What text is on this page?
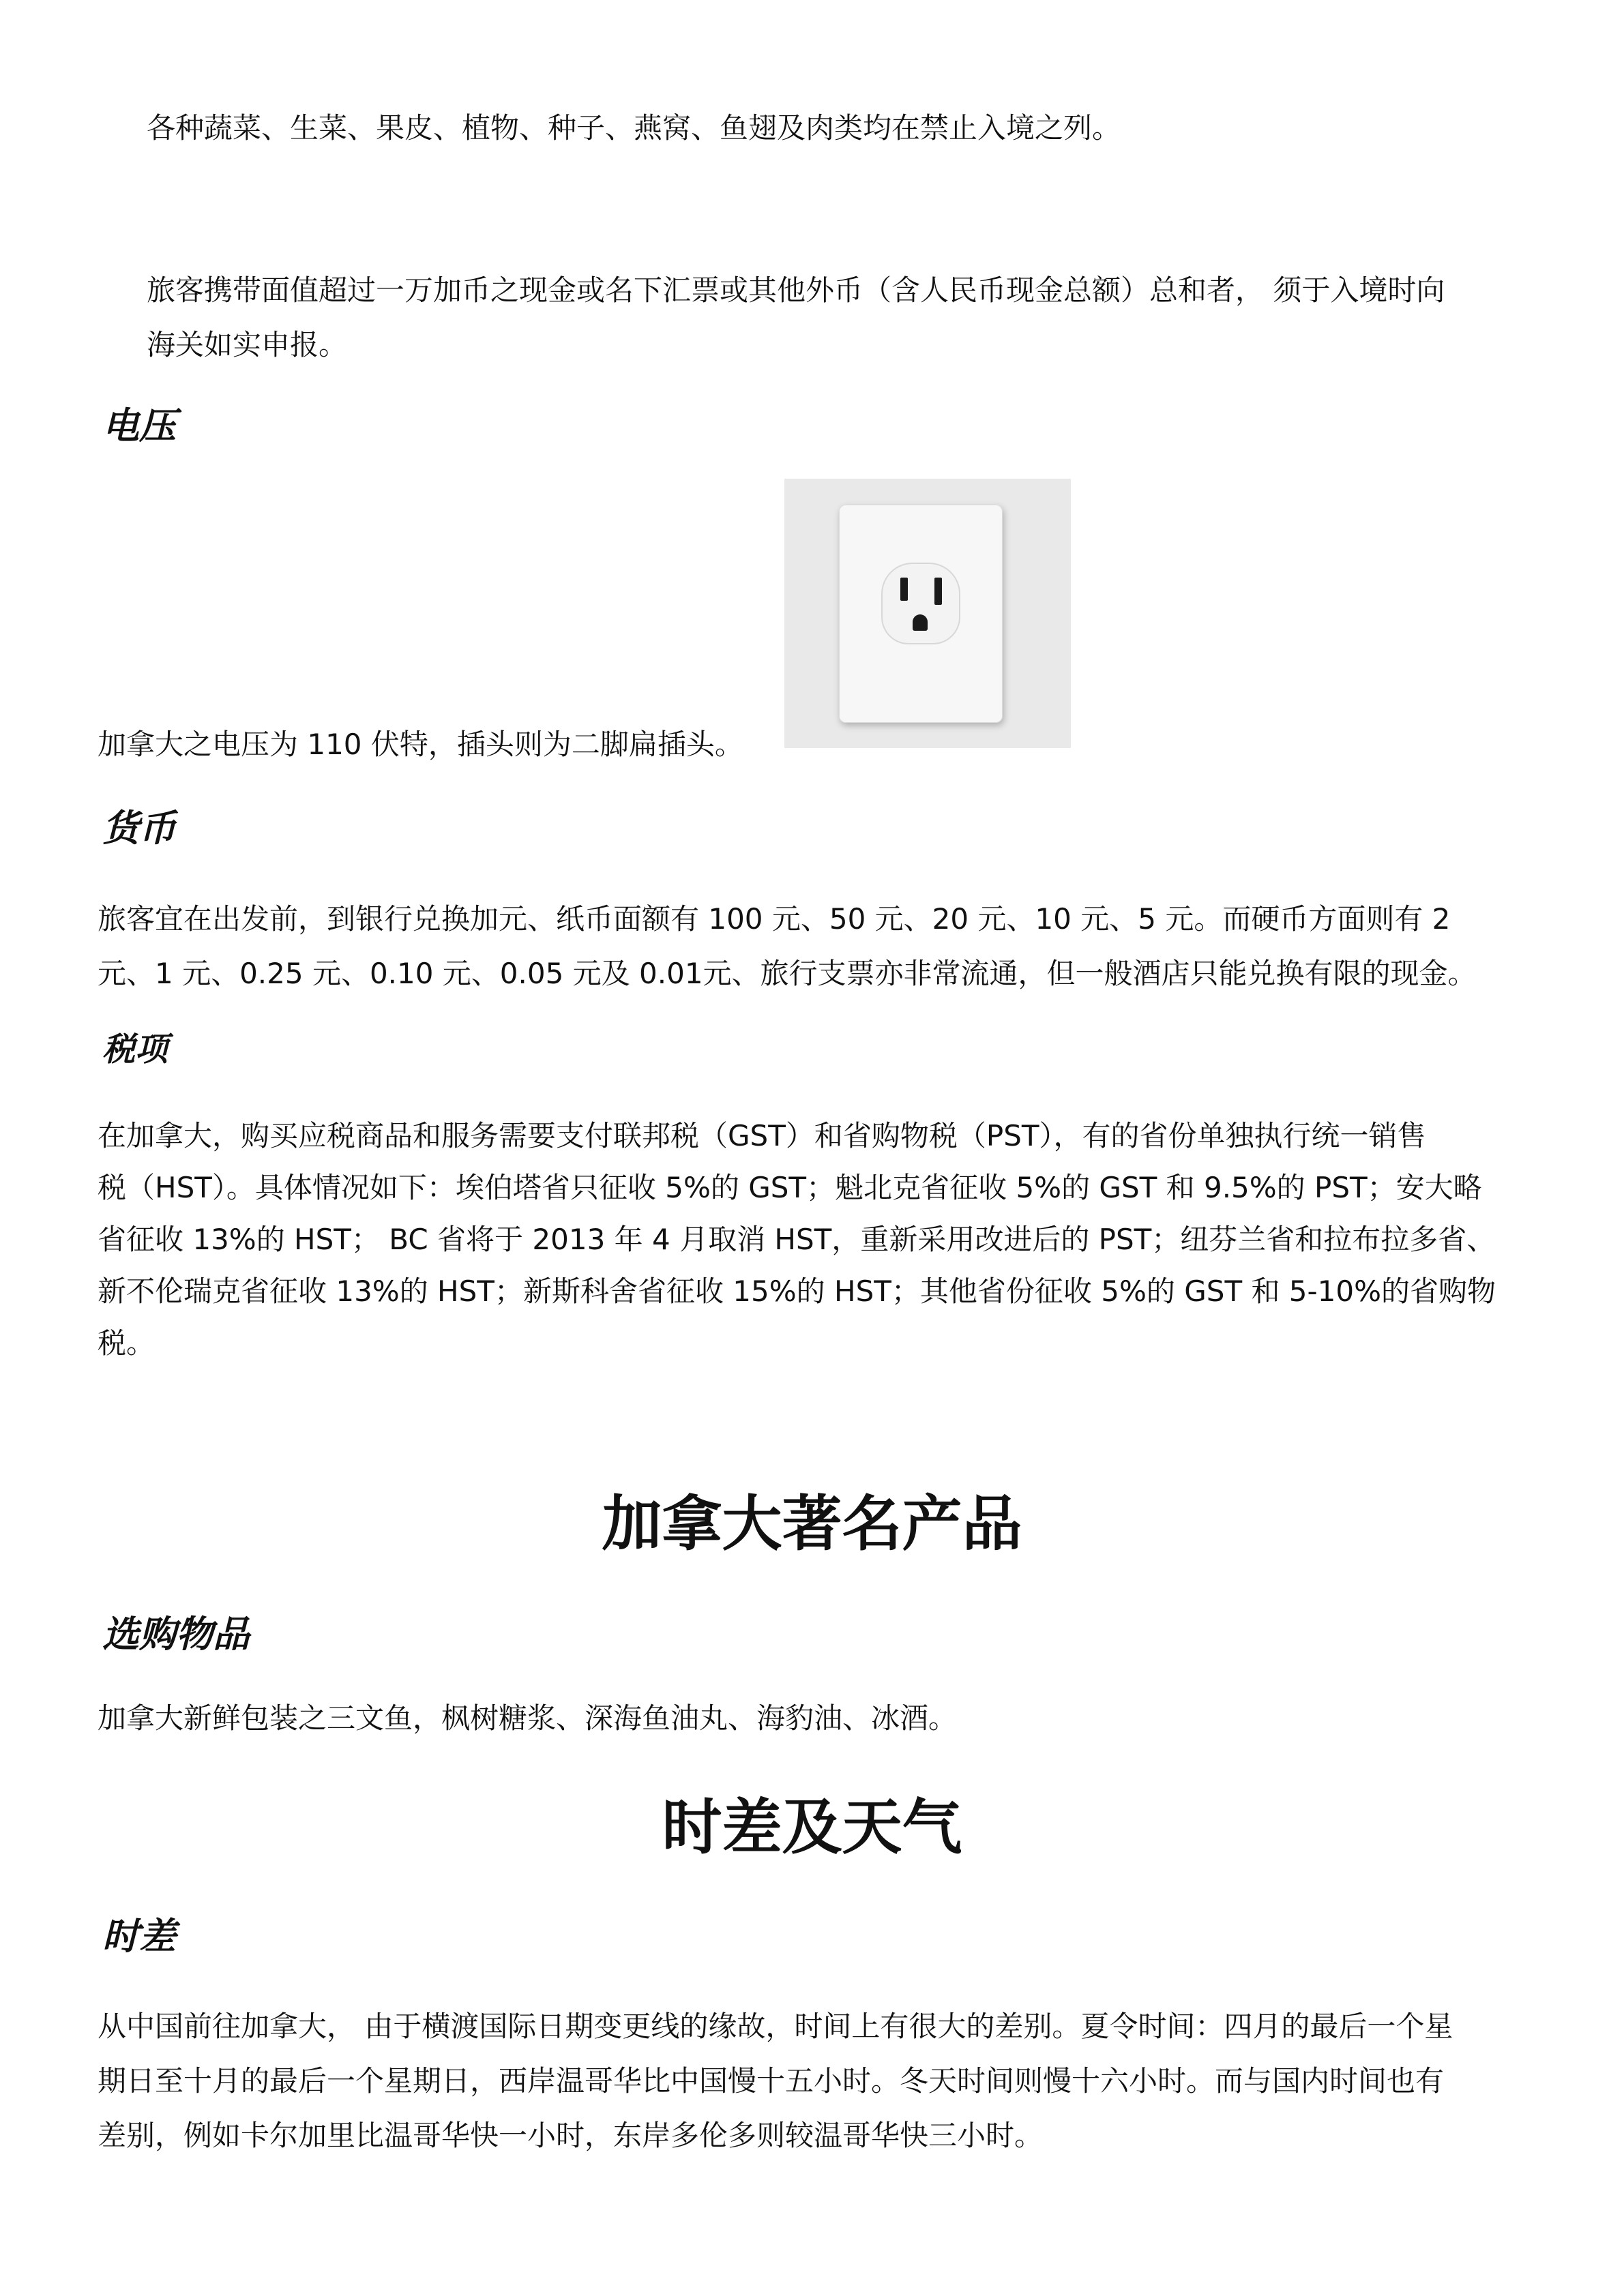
各种蔬菜、生菜、果皮、植物、种子、燕窝、鱼翅及肉类均在禁止入境之列。

旅客携带面值超过一万加币之现金或名下汇票或其他外币（含人民币现金总额）总和者， 须于入境时向

海关如实申报。

电压

加拿大之电压为 110 伏特，插头则为二脚扁插头。

货币

旅客宜在出发前，到银行兑换加元、纸币面额有 100 元、50 元、20 元、10 元、5 元。而硬币方面则有 2

元、1 元、0.25 元、0.10 元、0.05 元及 0.01元、旅行支票亦非常流通，但一般酒店只能兑换有限的现金。

税项

在加拿大，购买应税商品和服务需要支付联邦税（GST）和省购物税（PST），有的省份单独执行统一销售

税（HST）。具体情况如下：埃伯塔省只征收 5%的 GST；魁北克省征收 5%的 GST 和 9.5%的 PST；安大略

省征收 13%的 HST； BC 省将于 2013 年 4 月取消 HST，重新采用改进后的 PST；纽芬兰省和拉布拉多省、

新不伦瑞克省征收 13%的 HST；新斯科舍省征收 15%的 HST；其他省份征收 5%的 GST 和 5-10%的省购物

税。

加拿大著名产品
选购物品

加拿大新鲜包装之三文鱼，枫树糖浆、深海鱼油丸、海豹油、冰酒。

时差及天气
时差

从中国前往加拿大， 由于横渡国际日期变更线的缘故，时间上有很大的差别。夏令时间：四月的最后一个星

期日至十月的最后一个星期日，西岸温哥华比中国慢十五小时。冬天时间则慢十六小时。而与国内时间也有

差别，例如卡尔加里比温哥华快一小时，东岸多伦多则较温哥华快三小时。
